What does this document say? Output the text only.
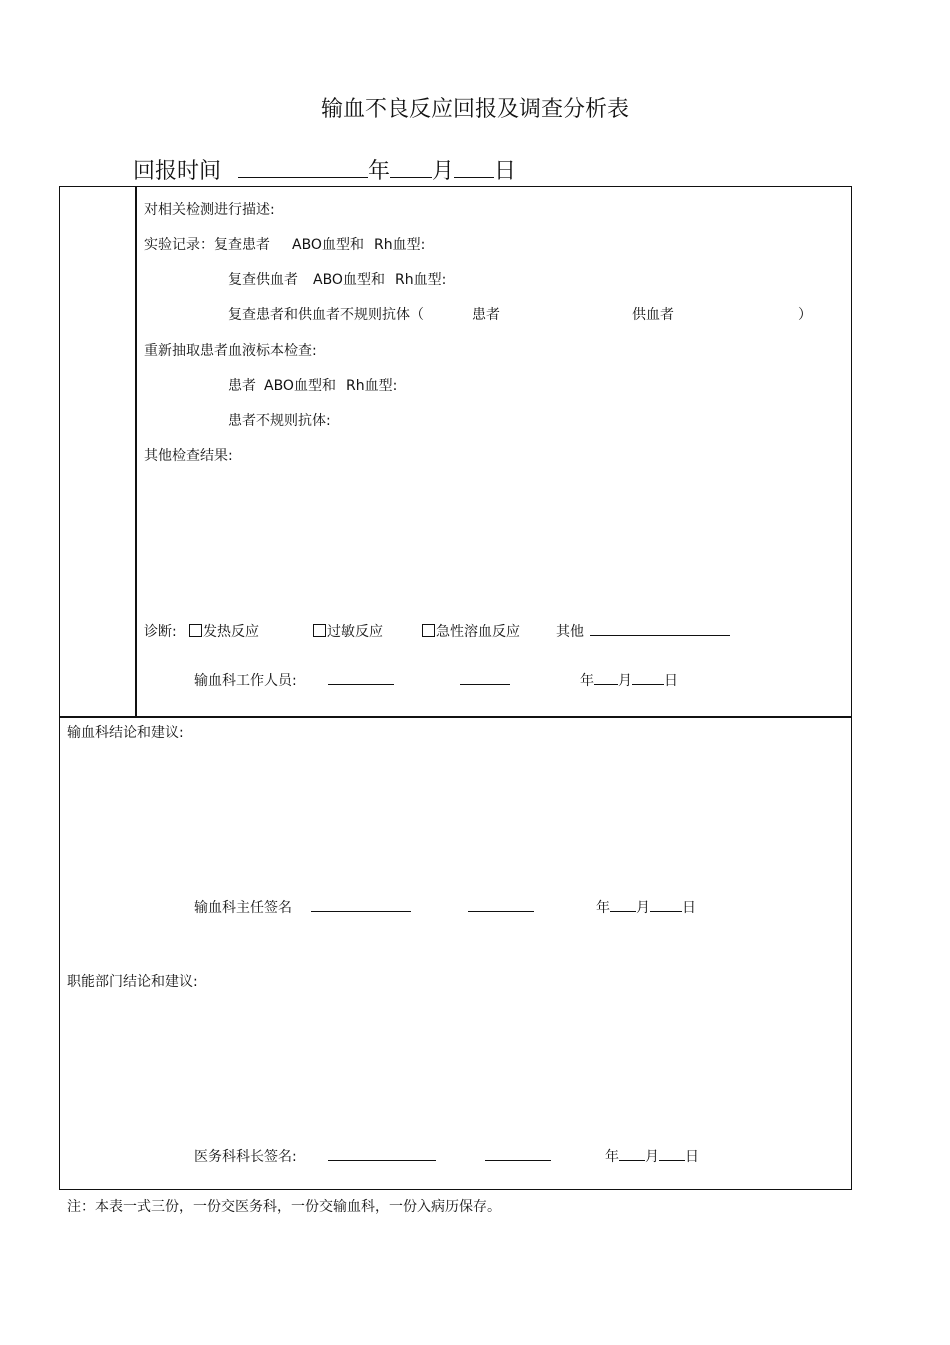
输血不良反应回报及调查分析表
回报时间	年 月 日
对相关检测进行描述:
实验记录：复查患者 ABO血型和 Rh血型:
复查供血者 ABO血型和 Rh血型:
复查患者和供血者不规则抗体（	患者	供血者	）
重新抽取患者血液标本检查:
患者 ABO血型和 Rh血型:
患者不规则抗体:
其他检查结果:
诊断:	发热反应	过敏反应	急性溶血反应	其他
输血科工作人员:	年 月 日
输血科结论和建议:
输血科主任签名	年 月 日
职能部门结论和建议:
医务科科长签名:	年 月 日
注：本表一式三份，一份交医务科，一份交输血科，一份入病历保存。
